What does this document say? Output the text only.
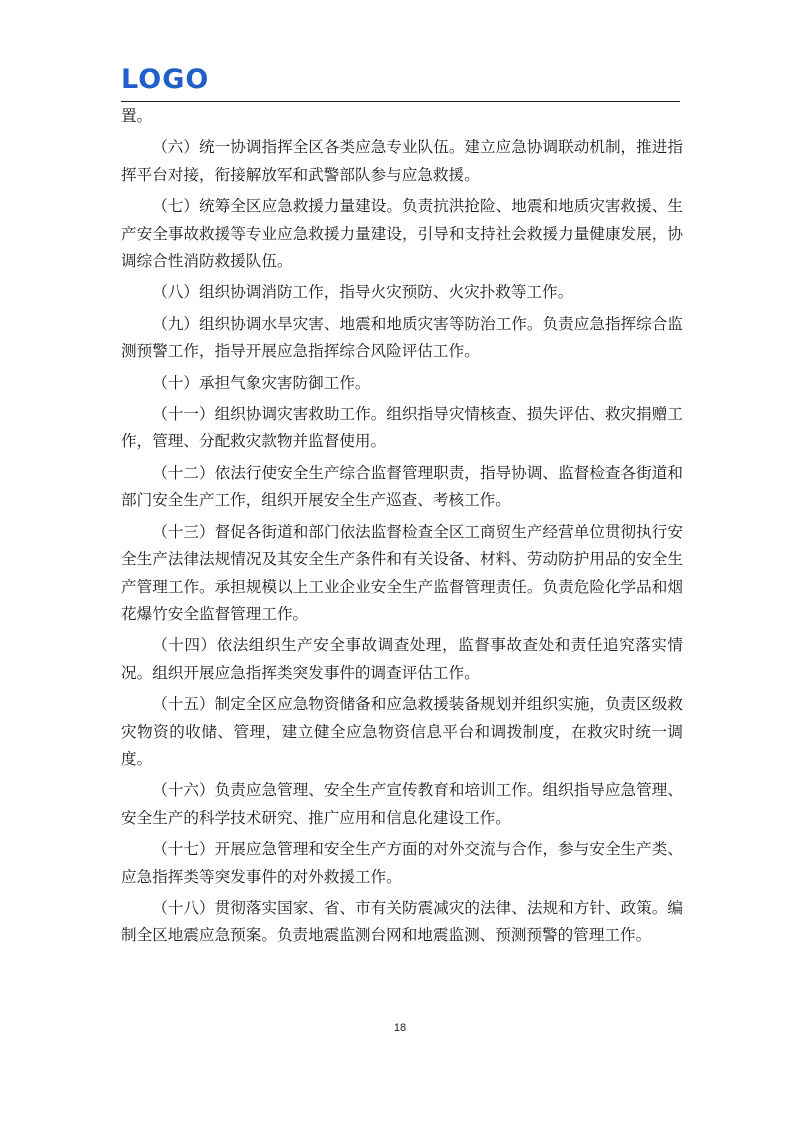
LOGO

置。

（六）统一协调指挥全区各类应急专业队伍。建立应急协调联动机制，推进指挥平台对接，衔接解放军和武警部队参与应急救援。

（七）统筹全区应急救援力量建设。负责抗洪抢险、地震和地质灾害救援、生产安全事故救援等专业应急救援力量建设，引导和支持社会救援力量健康发展，协调综合性消防救援队伍。

（八）组织协调消防工作，指导火灾预防、火灾扑救等工作。

（九）组织协调水旱灾害、地震和地质灾害等防治工作。负责应急指挥综合监测预警工作，指导开展应急指挥综合风险评估工作。

（十）承担气象灾害防御工作。

（十一）组织协调灾害救助工作。组织指导灾情核查、损失评估、救灾捐赠工作，管理、分配救灾款物并监督使用。

（十二）依法行使安全生产综合监督管理职责，指导协调、监督检查各街道和部门安全生产工作，组织开展安全生产巡查、考核工作。

（十三）督促各街道和部门依法监督检查全区工商贸生产经营单位贯彻执行安全生产法律法规情况及其安全生产条件和有关设备、材料、劳动防护用品的安全生产管理工作。承担规模以上工业企业安全生产监督管理责任。负责危险化学品和烟花爆竹安全监督管理工作。

（十四）依法组织生产安全事故调查处理，监督事故查处和责任追究落实情况。组织开展应急指挥类突发事件的调查评估工作。

（十五）制定全区应急物资储备和应急救援装备规划并组织实施，负责区级救灾物资的收储、管理，建立健全应急物资信息平台和调拨制度，在救灾时统一调度。

（十六）负责应急管理、安全生产宣传教育和培训工作。组织指导应急管理、安全生产的科学技术研究、推广应用和信息化建设工作。

（十七）开展应急管理和安全生产方面的对外交流与合作，参与安全生产类、应急指挥类等突发事件的对外救援工作。

（十八）贯彻落实国家、省、市有关防震减灾的法律、法规和方针、政策。编制全区地震应急预案。负责地震监测台网和地震监测、预测预警的管理工作。

18
